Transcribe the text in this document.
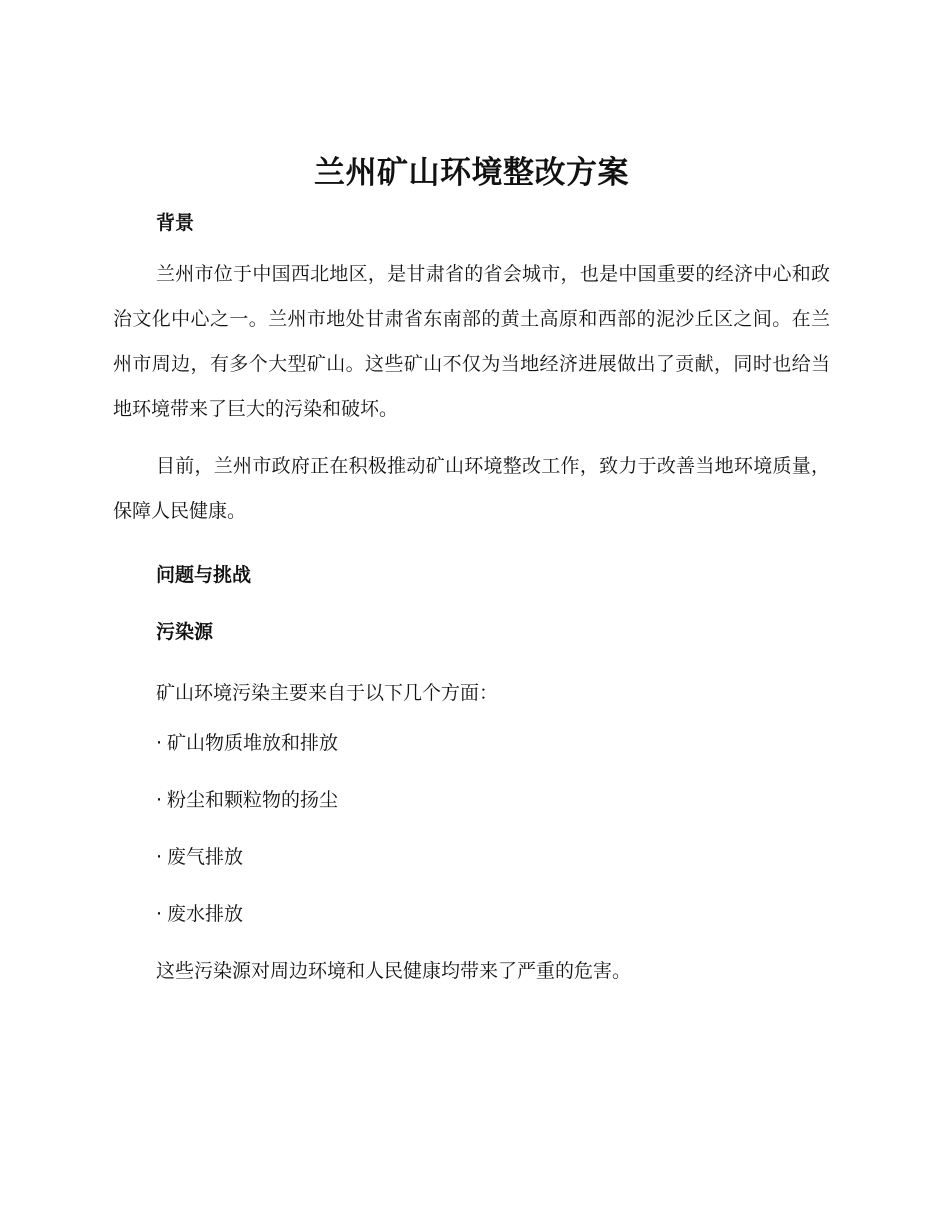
兰州矿山环境整改方案
背景

兰州市位于中国西北地区，是甘肃省的省会城市，也是中国重要的经济中心和政治文化中心之一。兰州市地处甘肃省东南部的黄土高原和西部的泥沙丘区之间。在兰州市周边，有多个大型矿山。这些矿山不仅为当地经济进展做出了贡献，同时也给当地环境带来了巨大的污染和破坏。

目前，兰州市政府正在积极推动矿山环境整改工作，致力于改善当地环境质量，保障人民健康。

问题与挑战
污染源

矿山环境污染主要来自于以下几个方面：

· 矿山物质堆放和排放
· 粉尘和颗粒物的扬尘
· 废气排放
· 废水排放

这些污染源对周边环境和人民健康均带来了严重的危害。
